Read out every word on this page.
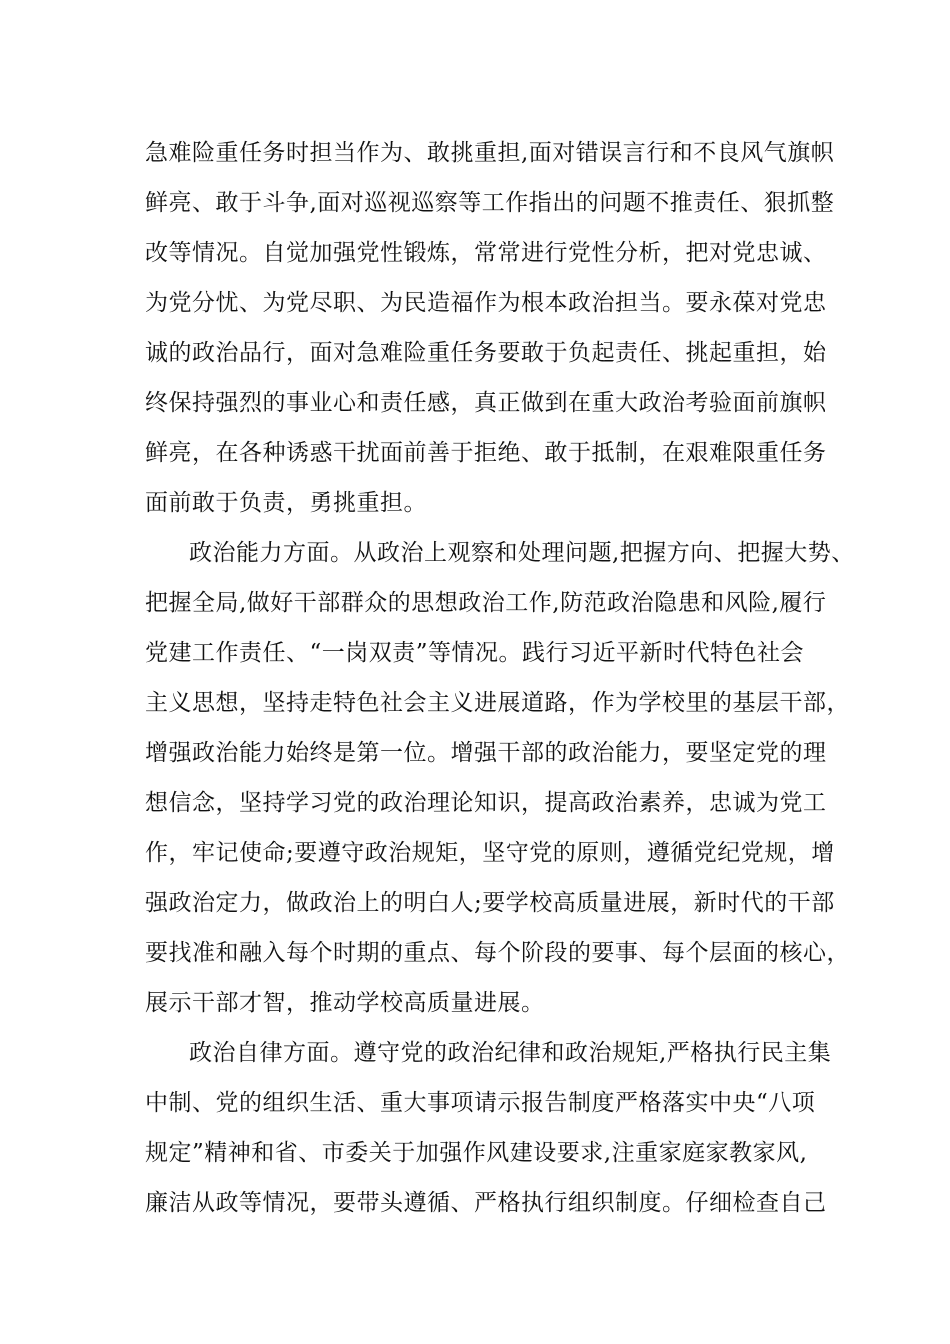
急难险重任务时担当作为、敢挑重担,面对错误言行和不良风气旗帜
鲜亮、敢于斗争,面对巡视巡察等工作指出的问题不推责任、狠抓整
改等情况。自觉加强党性锻炼，常常进行党性分析，把对党忠诚、
为党分忧、为党尽职、为民造福作为根本政治担当。要永葆对党忠
诚的政治品行，面对急难险重任务要敢于负起责任、挑起重担，始
终保持强烈的事业心和责任感，真正做到在重大政治考验面前旗帜
鲜亮，在各种诱惑干扰面前善于拒绝、敢于抵制，在艰难限重任务
面前敢于负责，勇挑重担。
政治能力方面。从政治上观察和处理问题,把握方向、把握大势、
把握全局,做好干部群众的思想政治工作,防范政治隐患和风险,履行
党建工作责任、“一岗双责”等情况。践行习近平新时代特色社会
主义思想，坚持走特色社会主义进展道路，作为学校里的基层干部，
增强政治能力始终是第一位。增强干部的政治能力，要坚定党的理
想信念，坚持学习党的政治理论知识，提高政治素养，忠诚为党工
作，牢记使命;要遵守政治规矩，坚守党的原则，遵循党纪党规，增
强政治定力，做政治上的明白人;要学校高质量进展，新时代的干部
要找准和融入每个时期的重点、每个阶段的要事、每个层面的核心，
展示干部才智，推动学校高质量进展。
政治自律方面。遵守党的政治纪律和政治规矩,严格执行民主集
中制、党的组织生活、重大事项请示报告制度严格落实中央“八项
规定”精神和省、市委关于加强作风建设要求,注重家庭家教家风,
廉洁从政等情况，要带头遵循、严格执行组织制度。仔细检查自己
